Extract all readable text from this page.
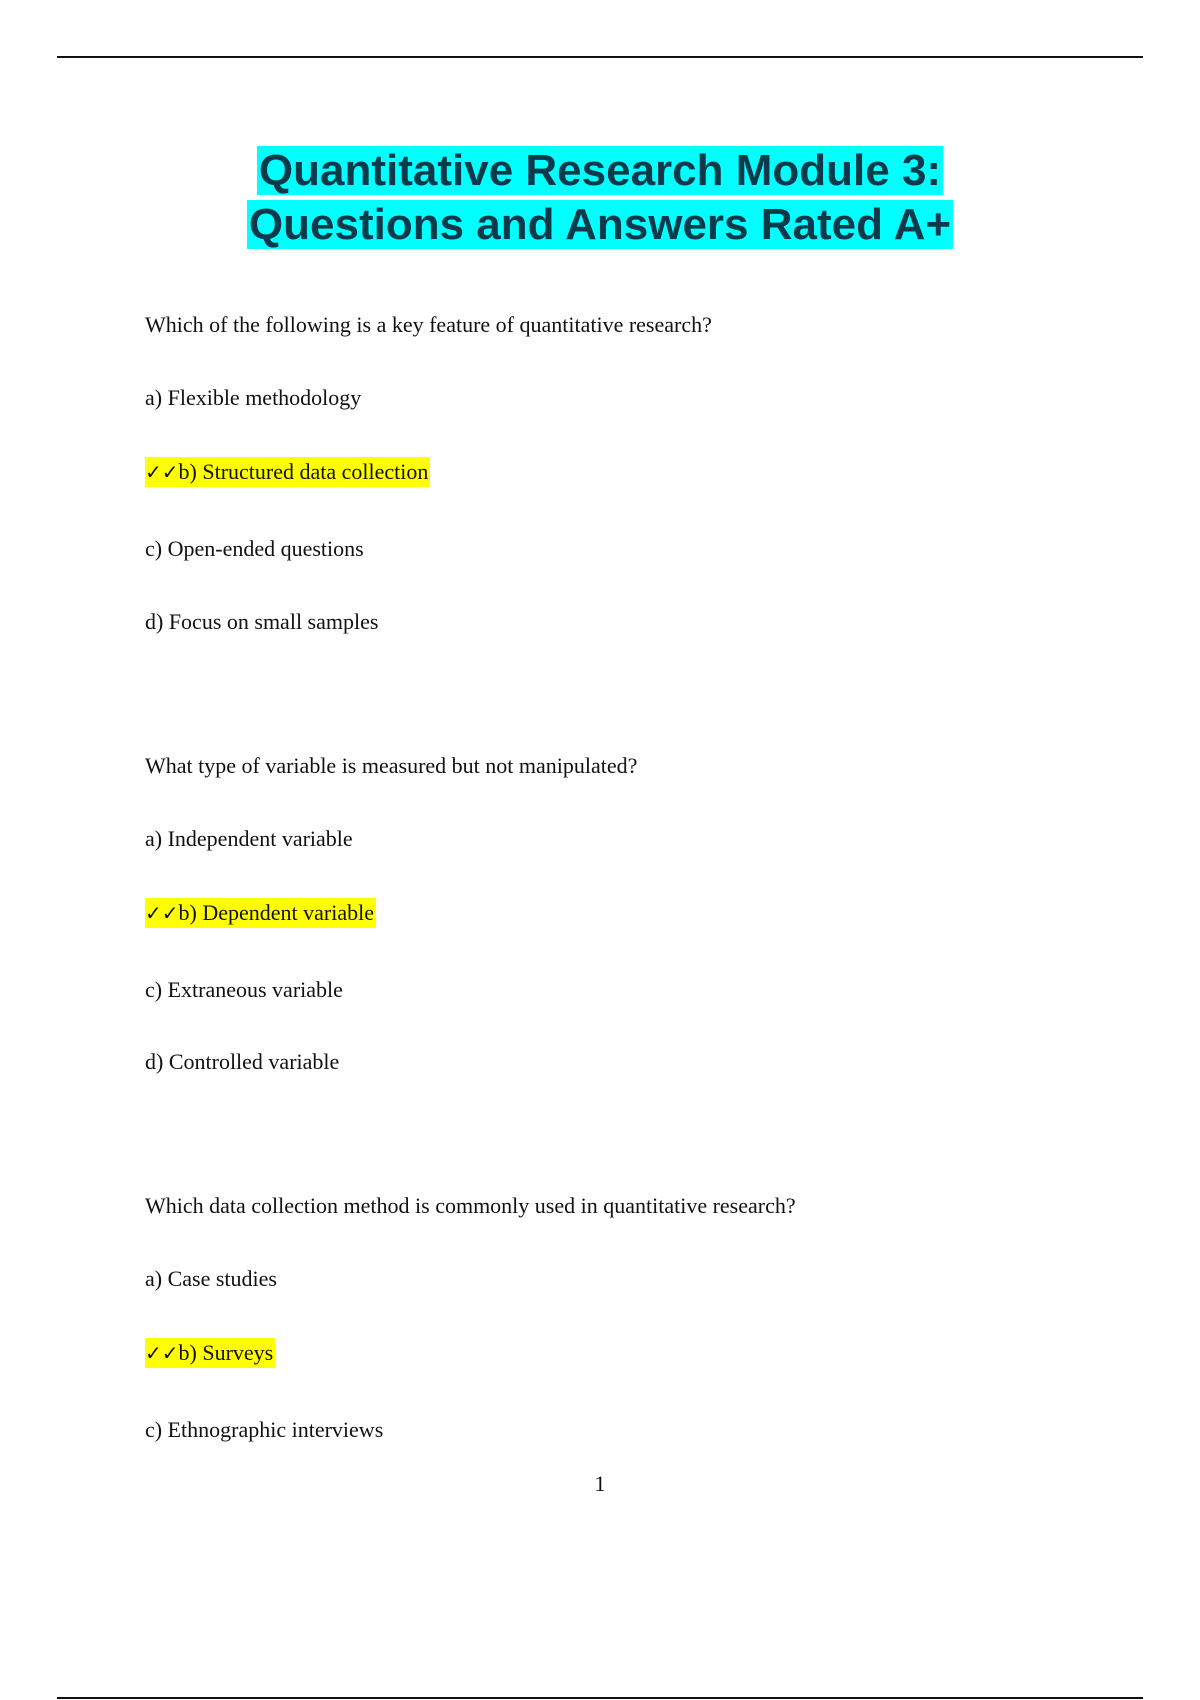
Quantitative Research Module 3:
Questions and Answers Rated A+
Which of the following is a key feature of quantitative research?
a) Flexible methodology
✓✓b) Structured data collection
c) Open-ended questions
d) Focus on small samples
What type of variable is measured but not manipulated?
a) Independent variable
✓✓b) Dependent variable
c) Extraneous variable
d) Controlled variable
Which data collection method is commonly used in quantitative research?
a) Case studies
✓✓b) Surveys
c) Ethnographic interviews
1
